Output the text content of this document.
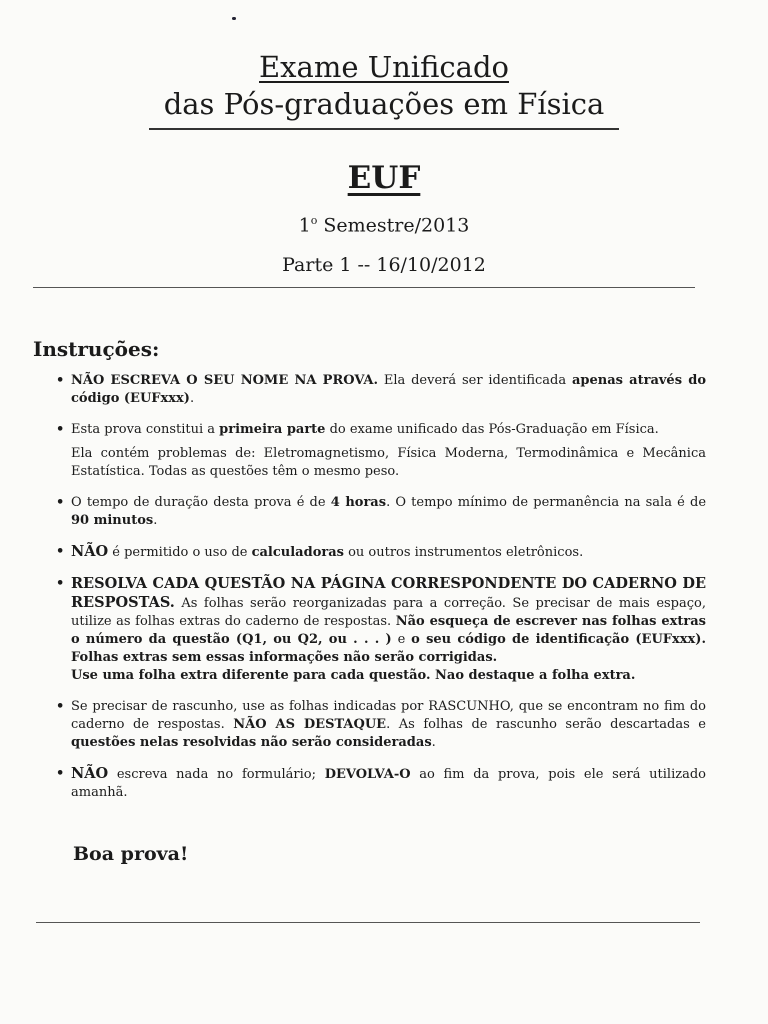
Exame Unificado
das Pós-graduações em Física
EUF
1$^o$ Semestre/2013
Parte 1 -- 16/10/2012
Instruções:
• NÃO ESCREVA O SEU NOME NA PROVA. Ela deverá ser identificada apenas através do código (EUFxxx).
• Esta prova constitui a primeira parte do exame unificado das Pós-Graduação em Física.
Ela contém problemas de: Eletromagnetismo, Física Moderna, Termodinâmica e Mecânica Estatística. Todas as questões têm o mesmo peso.
• O tempo de duração desta prova é de 4 horas. O tempo mínimo de permanência na sala é de 90 minutos.
• NÃO é permitido o uso de calculadoras ou outros instrumentos eletrônicos.
• RESOLVA CADA QUESTÃO NA PÁGINA CORRESPONDENTE DO CADERNO DE RESPOSTAS. As folhas serão reorganizadas para a correção. Se precisar de mais espaço, utilize as folhas extras do caderno de respostas. Não esqueça de escrever nas folhas extras o número da questão (Q1, ou Q2, ou . . . ) e o seu código de identificação (EUFxxx). Folhas extras sem essas informações não serão corrigidas.
Use uma folha extra diferente para cada questão. Nao destaque a folha extra.
• Se precisar de rascunho, use as folhas indicadas por RASCUNHO, que se encontram no fim do caderno de respostas. NÃO AS DESTAQUE. As folhas de rascunho serão descartadas e questões nelas resolvidas não serão consideradas.
• NÃO escreva nada no formulário; DEVOLVA-O ao fim da prova, pois ele será utilizado amanhã.
Boa prova!
